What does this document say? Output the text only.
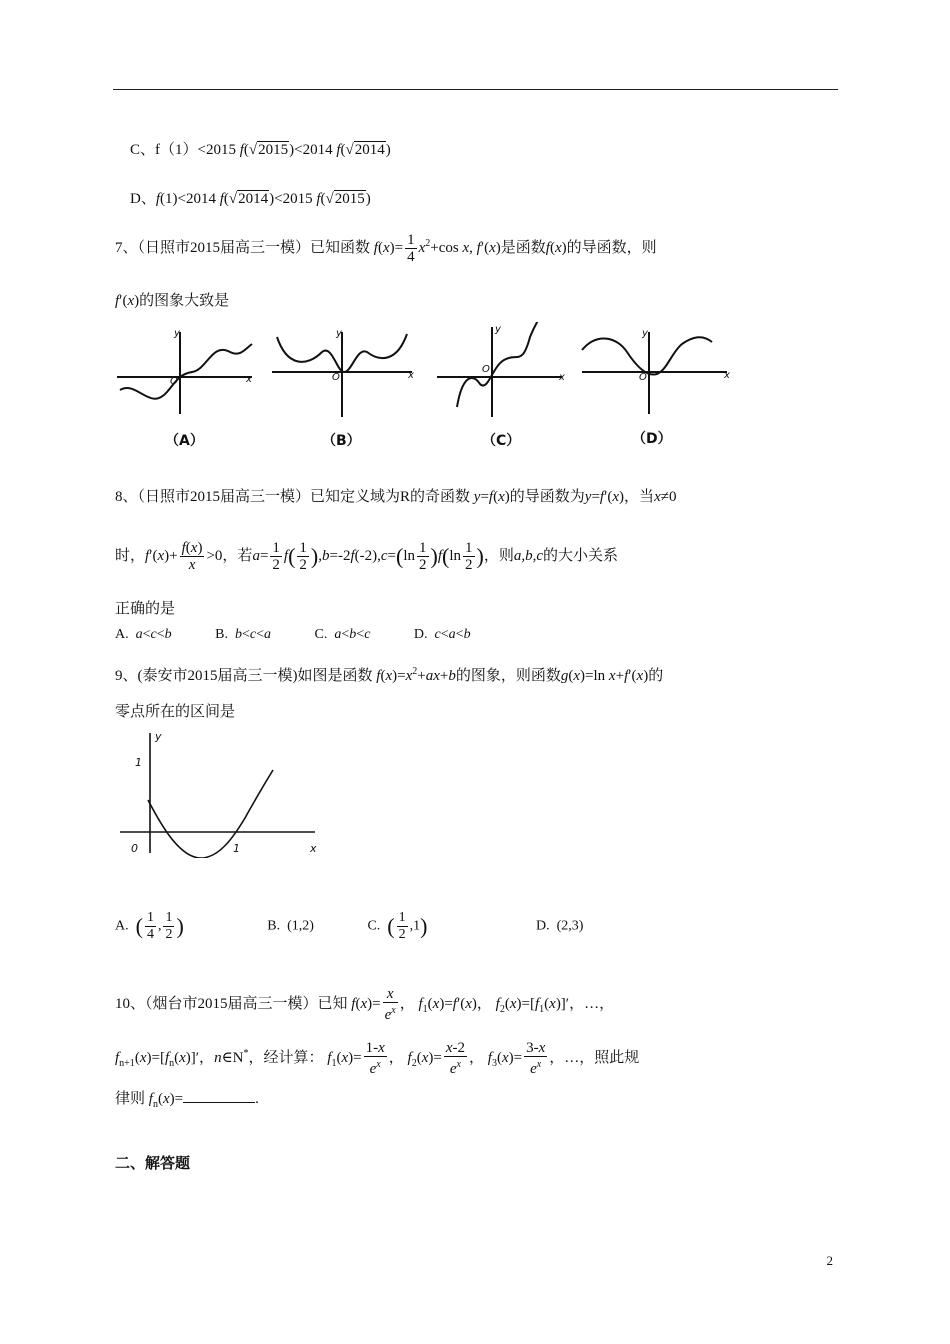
C、f（1）<2015 f(√2015)<2014 f(√2014)
D、f(1)<2014 f(√2014)<2015 f(√2015)
7、（日照市2015届高三一模）已知函数 $f(x)= \frac{1}{4} x^2+\cos$ x, f′(x)是函数f(x)的导函数，则
f′(x)的图象大致是
O
y
x	O
y
x
O
y
x	O
y
x
（A）	（B）	（C）	（D）
8、（日照市2015届高三一模）已知定义域为R的奇函数 y=f(x)的导函数为y=f′(x)，当x≠0
时，$f'(x)+ \frac{f(x)}{x} >0$，若$a= \frac{1}{2} f( \frac{1}{2} ),b=-2f(-2),c=(\ln \frac{1}{2} )f(\ln \frac{1}{2}$ )，则a,b,c的大小关系
正确的是
A. a<c<b	B. b<c<a	C. a<b<c	D. c<a<b
9、(泰安市2015届高三一模)如图是函数 $f(x)=x^2+ax+b$的图象，则函数g(x)=ln x+f′(x)的
零点所在的区间是
y
x
0
1
1
A. ( $\frac{1}{4}$ , $\frac{1}{2}$ )	B.  (1,2)	C. ( $\frac{1}{2} ,1$)	D.  (2,3)
10、（烟台市2015届高三一模）已知 $f(x)= \frac{x}{e^x}$ ， $f_1(x)=f'(x)$， $f_2(x)=[f_1(x)]'$，…，
$f_{n+1}(x)=[f_n(x)]'$，n∈N*，经计算： $f_1(x)= \frac{1-x}{e^x}$ ， $f_2(x)= \frac{x-2}{e^x}$ ， $f_3(x)= \frac{3-x}{e^x}$ ，…，照此规
律则 $f_n(x)=$	.
二、解答题
2
